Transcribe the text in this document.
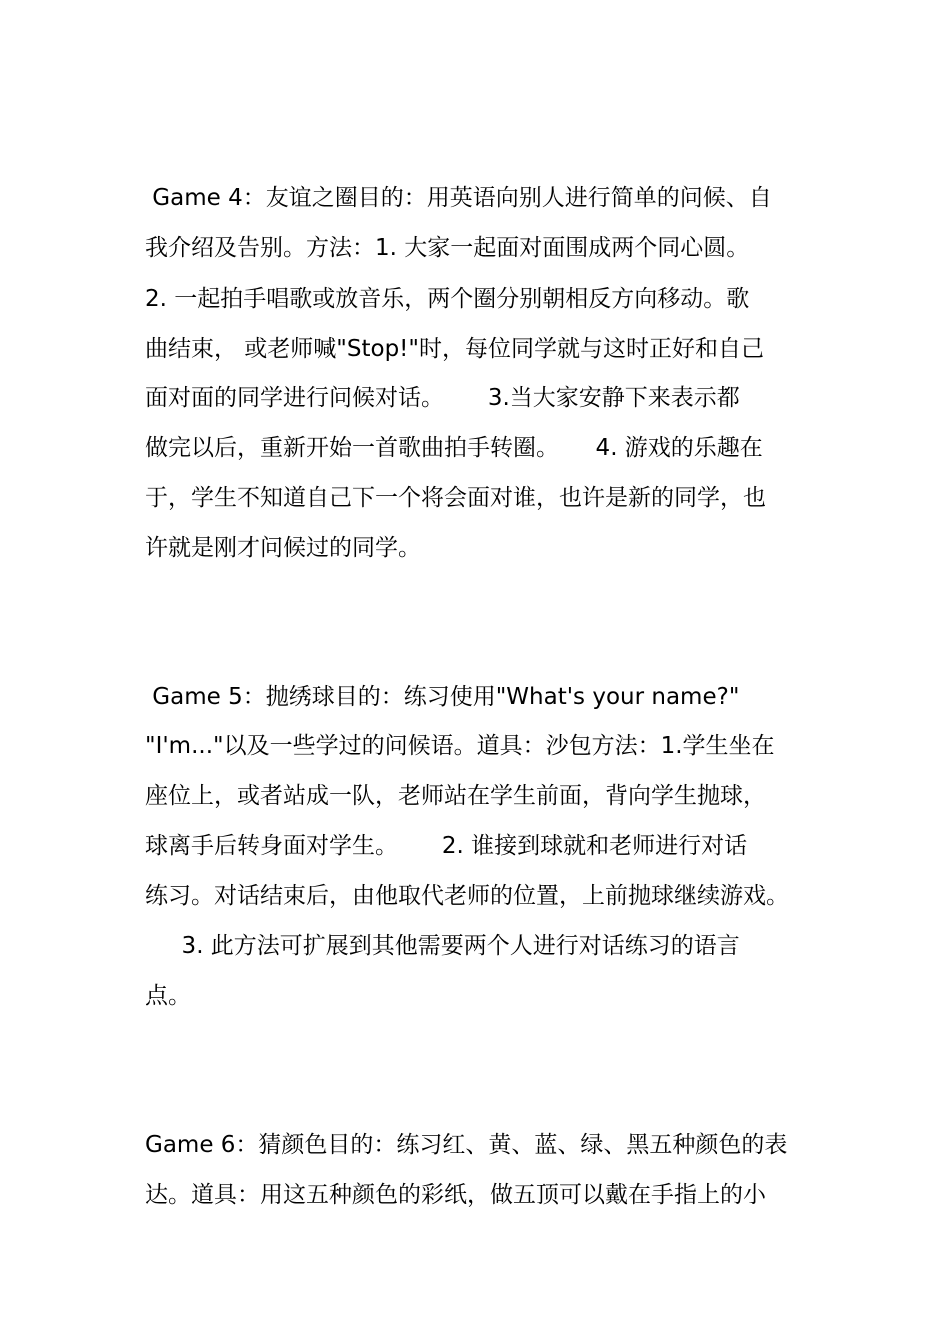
Game 4：友谊之圈目的：用英语向别人进行简单的问候、自
我介绍及告别。方法：1. 大家一起面对面围成两个同心圆。
2. 一起拍手唱歌或放音乐，两个圈分别朝相反方向移动。歌
曲结束， 或老师喊"Stop!"时，每位同学就与这时正好和自己
面对面的同学进行问候对话。      3.当大家安静下来表示都
做完以后，重新开始一首歌曲拍手转圈。     4. 游戏的乐趣在
于，学生不知道自己下一个将会面对谁，也许是新的同学，也
许就是刚才问候过的同学。
Game 5：抛绣球目的：练习使用"What's your name?"
"I'm..."以及一些学过的问候语。道具：沙包方法：1.学生坐在
座位上，或者站成一队，老师站在学生前面，背向学生抛球，
球离手后转身面对学生。      2. 谁接到球就和老师进行对话
练习。对话结束后，由他取代老师的位置，上前抛球继续游戏。
3. 此方法可扩展到其他需要两个人进行对话练习的语言
点。
Game 6：猜颜色目的：练习红、黄、蓝、绿、黑五种颜色的表
达。道具：用这五种颜色的彩纸，做五顶可以戴在手指上的小
